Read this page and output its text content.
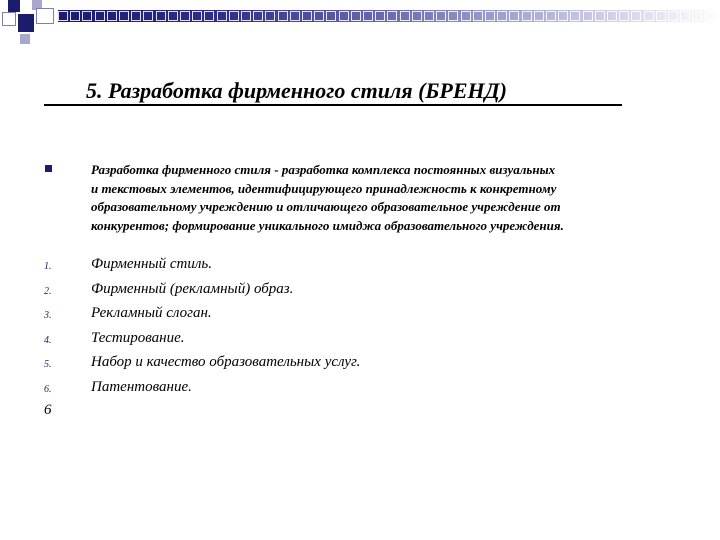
5. Разработка фирменного стиля (БРЕНД)

Разработка фирменного стиля - разработка комплекса постоянных визуальных
и текстовых элементов, идентифицирующего принадлежность к конкретному
образовательному учреждению и отличающего образовательное учреждение от
конкурентов; формирование уникального имиджа образовательного учреждения.

1.	Фирменный стиль.
2.	Фирменный (рекламный) образ.
3.	Рекламный слоган.
4.	Тестирование.
5.	Набор и качество образовательных услуг.
6.	Патентование.
6
